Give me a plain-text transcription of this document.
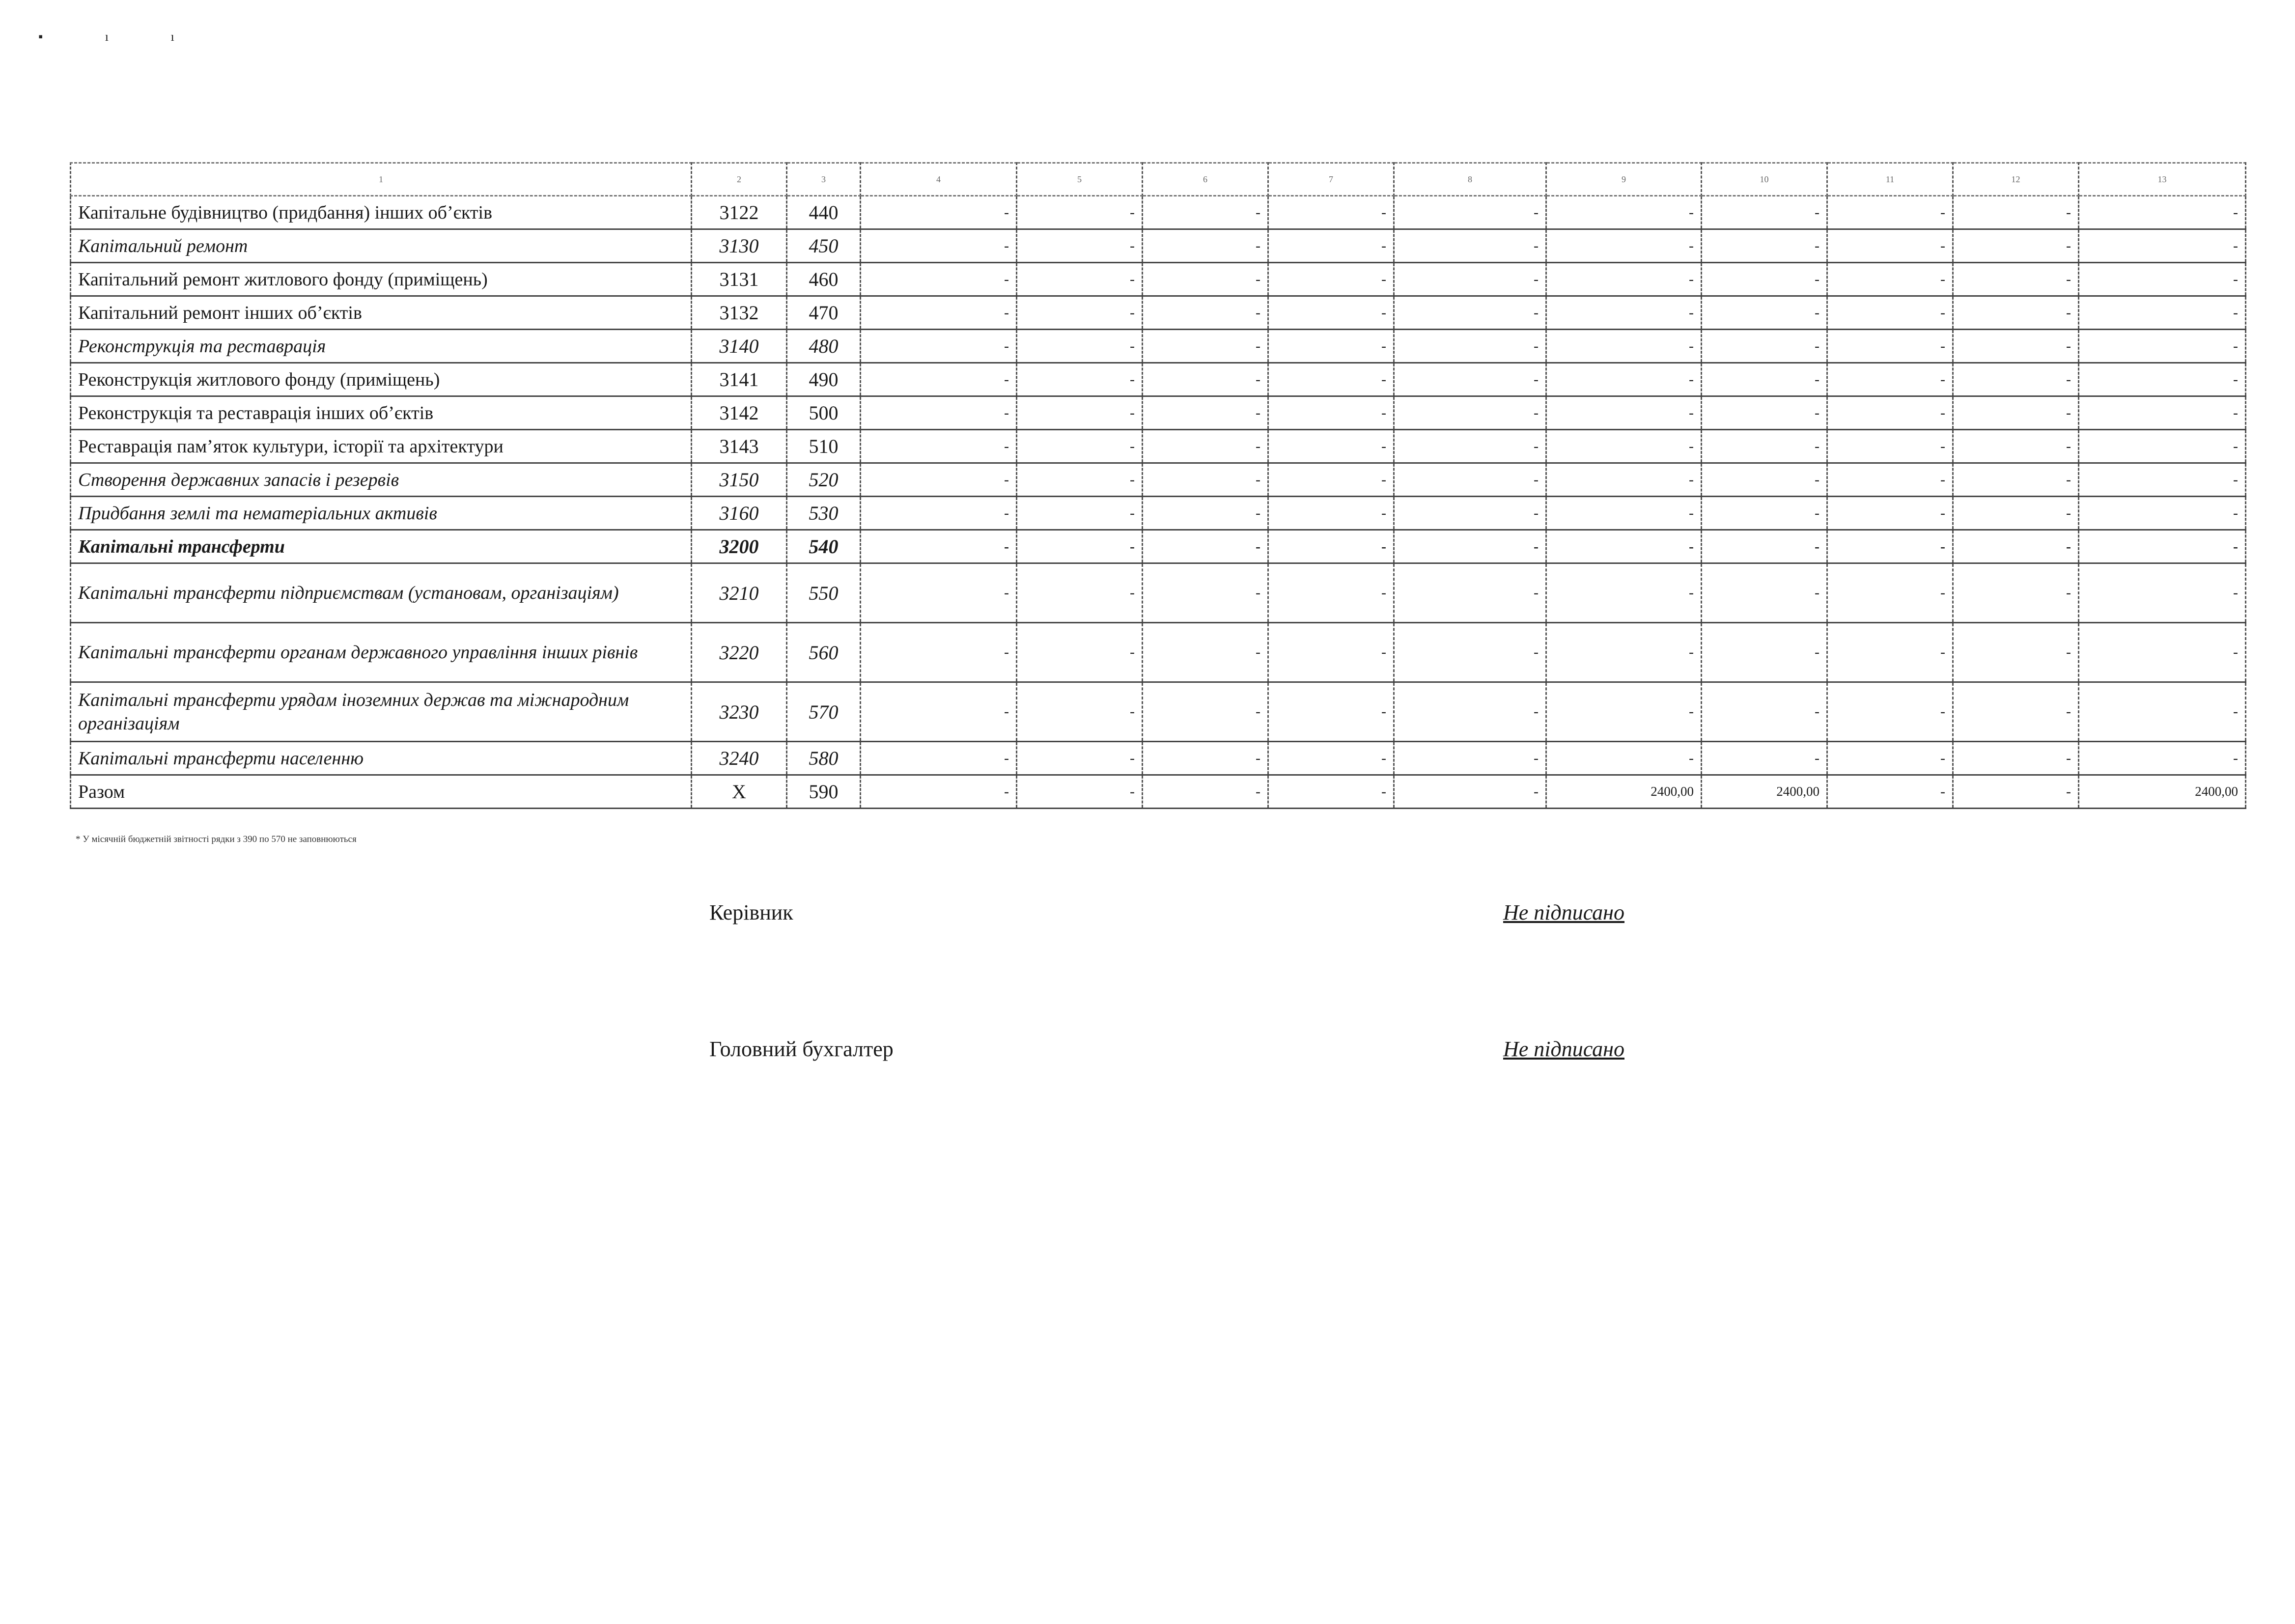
▪ ı ı
1	2	3	4	5	6	7	8	9	10	11	12	13
Капітальне будівництво (придбання) інших об’єктів	3122	440	-	-	-	-	-	-	-	-	-	-
Капітальний ремонт	3130	450	-	-	-	-	-	-	-	-	-	-
Капітальний ремонт житлового фонду (приміщень)	3131	460	-	-	-	-	-	-	-	-	-	-
Капітальний ремонт інших об’єктів	3132	470	-	-	-	-	-	-	-	-	-	-
Реконструкція та реставрація	3140	480	-	-	-	-	-	-	-	-	-	-
Реконструкція житлового фонду (приміщень)	3141	490	-	-	-	-	-	-	-	-	-	-
Реконструкція та реставрація інших об’єктів	3142	500	-	-	-	-	-	-	-	-	-	-
Реставрація пам’яток культури, історії та архітектури	3143	510	-	-	-	-	-	-	-	-	-	-
Створення державних запасів і резервів	3150	520	-	-	-	-	-	-	-	-	-	-
Придбання землі та нематеріальних активів	3160	530	-	-	-	-	-	-	-	-	-	-
Капітальні трансферти	3200	540	-	-	-	-	-	-	-	-	-	-
Капітальні трансферти підприємствам (установам, організаціям)	3210	550	-	-	-	-	-	-	-	-	-	-
Капітальні трансферти органам державного управління інших рівнів	3220	560	-	-	-	-	-	-	-	-	-	-
Капітальні трансферти урядам іноземних держав та міжнародним організаціям	3230	570	-	-	-	-	-	-	-	-	-	-
Капітальні трансферти населенню	3240	580	-	-	-	-	-	-	-	-	-	-
Разом	X	590	-	-	-	-	-	2400,00	2400,00	-	-	2400,00
* У місячній бюджетній звітності рядки з 390 по 570 не заповнюються
Керівник	Не підписано
Головний бухгалтер	Не підписано
